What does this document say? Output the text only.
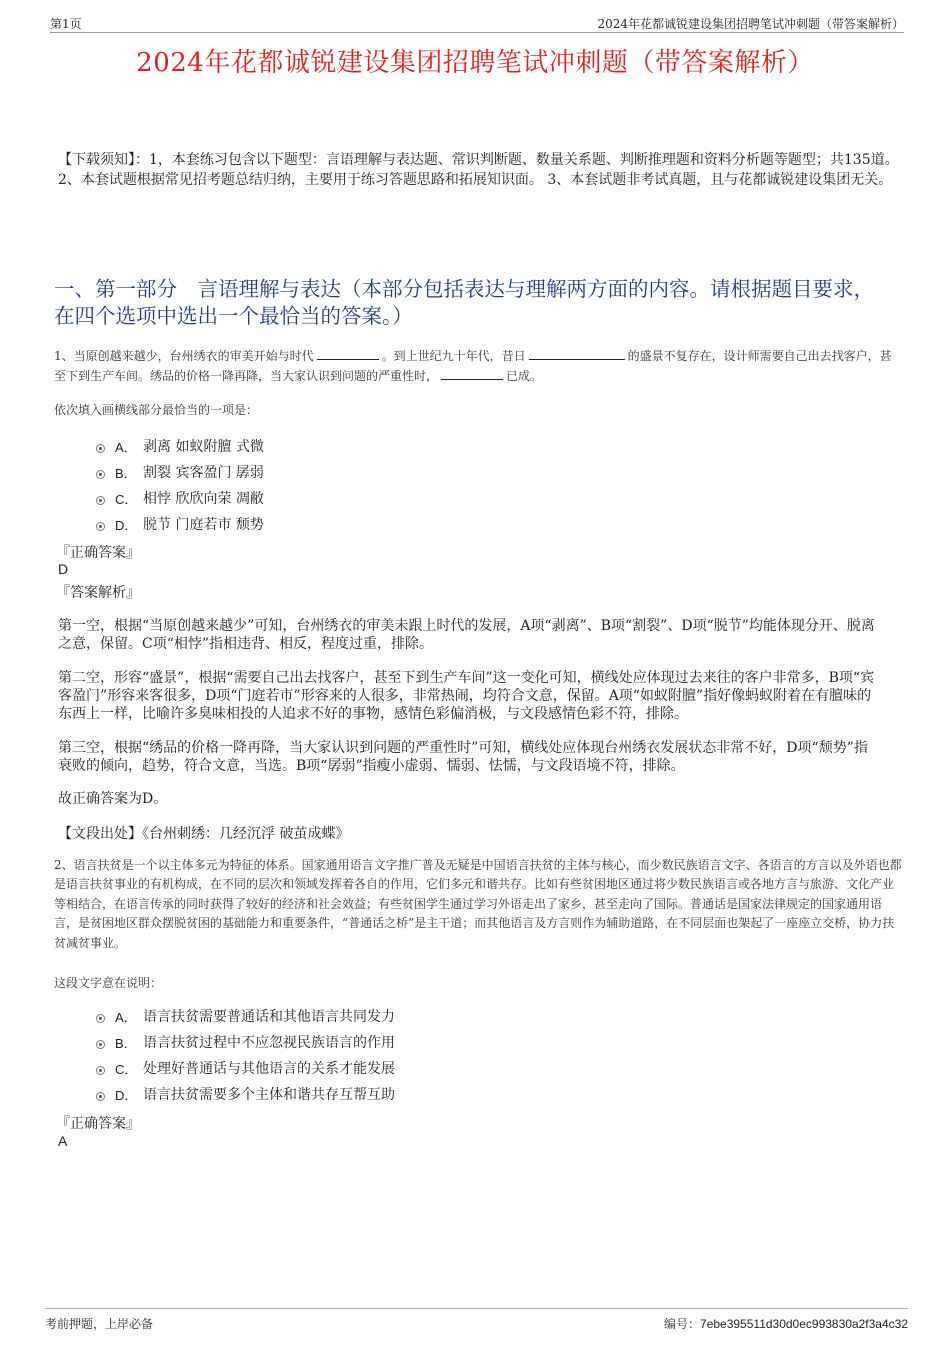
第1页	2024年花都诚锐建设集团招聘笔试冲刺题（带答案解析）
2024年花都诚锐建设集团招聘笔试冲刺题（带答案解析）
【下载须知】：1，本套练习包含以下题型：言语理解与表达题、常识判断题、数量关系题、判断推理题和资料分析题等题型；共135道。 2、本套试题根据常见招考题总结归纳，主要用于练习答题思路和拓展知识面。 3、本套试题非考试真题，且与花都诚锐建设集团无关。
一、第一部分　言语理解与表达（本部分包括表达与理解两方面的内容。请根据题目要求，在四个选项中选出一个最恰当的答案。）
1、当原创越来越少，台州绣衣的审美开始与时代	。到上世纪九十年代，昔日	的盛景不复存在，设计师需要自己出去找客户，甚至下到生产车间。绣品的价格一降再降，当大家认识到问题的严重性时，	已成。
依次填入画横线部分最恰当的一项是：
A． 剥离 如蚁附膻 式微
B． 割裂 宾客盈门 孱弱
C． 相悖 欣欣向荣 凋敝
D． 脱节 门庭若市 颓势
『正确答案』
D
『答案解析』
第一空，根据“当原创越来越少”可知，台州绣衣的审美未跟上时代的发展，A项“剥离”、B项“割裂”、D项“脱节”均能体现分开、脱离之意，保留。C项“相悖”指相违背、相反，程度过重，排除。
第二空，形容“盛景”，根据“需要自己出去找客户，甚至下到生产车间”这一变化可知，横线处应体现过去来往的客户非常多，B项“宾客盈门”形容来客很多，D项“门庭若市”形容来的人很多，非常热闹，均符合文意，保留。A项“如蚁附膻”指好像蚂蚁附着在有膻味的东西上一样，比喻许多臭味相投的人追求不好的事物，感情色彩偏消极，与文段感情色彩不符，排除。
第三空，根据“绣品的价格一降再降，当大家认识到问题的严重性时”可知，横线处应体现台州绣衣发展状态非常不好，D项“颓势”指衰败的倾向，趋势，符合文意，当选。B项“孱弱”指瘦小虚弱、懦弱、怯懦，与文段语境不符，排除。
故正确答案为D。
【文段出处】《台州刺绣：几经沉浮 破茧成蝶》
2、语言扶贫是一个以主体多元为特征的体系。国家通用语言文字推广普及无疑是中国语言扶贫的主体与核心，而少数民族语言文字、各语言的方言以及外语也都是语言扶贫事业的有机构成，在不同的层次和领域发挥着各自的作用，它们多元和谐共存。比如有些贫困地区通过将少数民族语言或各地方言与旅游、文化产业等相结合，在语言传承的同时获得了较好的经济和社会效益；有些贫困学生通过学习外语走出了家乡，甚至走向了国际。普通话是国家法律规定的国家通用语言，是贫困地区群众摆脱贫困的基础能力和重要条件，“普通话之桥”是主干道；而其他语言及方言则作为辅助道路，在不同层面也架起了一座座立交桥，协力扶贫减贫事业。
这段文字意在说明：
A． 语言扶贫需要普通话和其他语言共同发力
B． 语言扶贫过程中不应忽视民族语言的作用
C． 处理好普通话与其他语言的关系才能发展
D． 语言扶贫需要多个主体和谐共存互帮互助
『正确答案』
A
考前押题，上岸必备	编号：7ebe395511d30d0ec993830a2f3a4c32
